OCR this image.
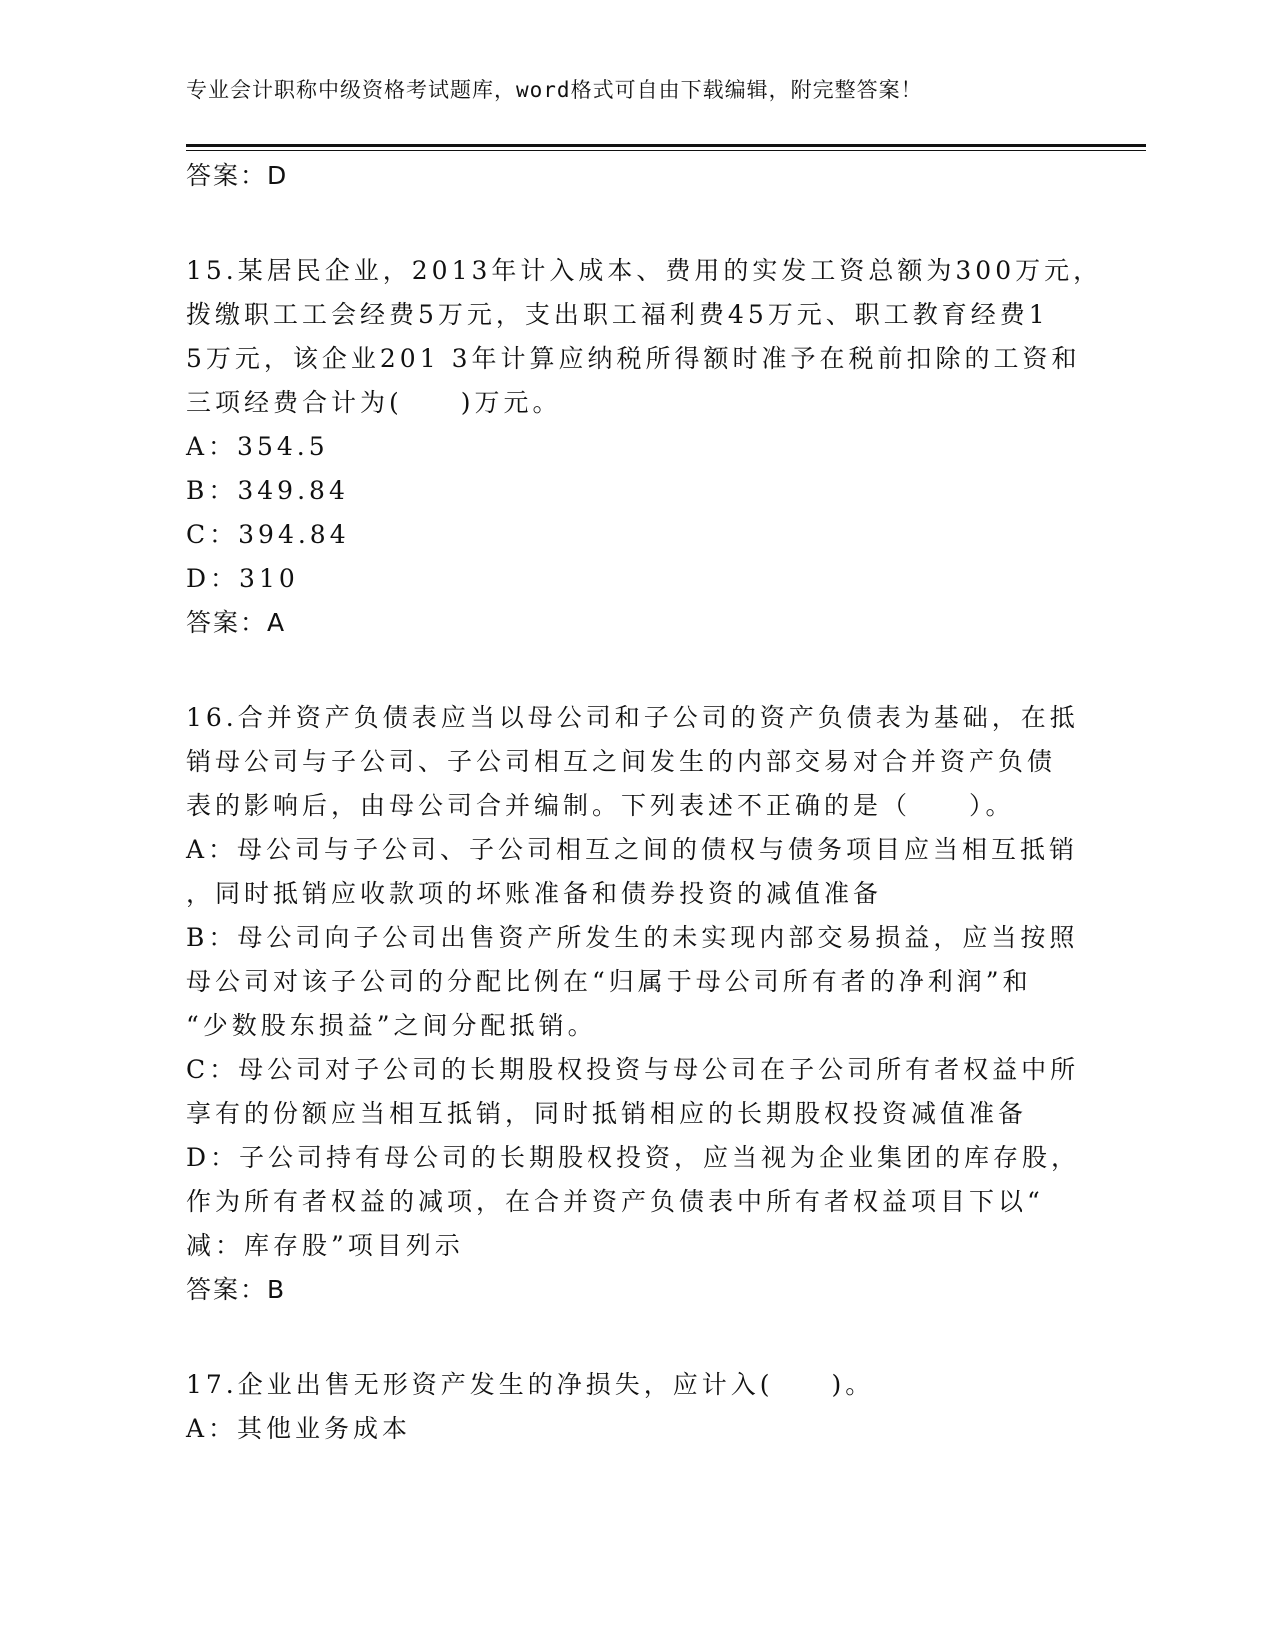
专业会计职称中级资格考试题库，word格式可自由下载编辑，附完整答案！
答案：D
15.某居民企业，2013年计入成本、费用的实发工资总额为300万元，
拨缴职工工会经费5万元，支出职工福利费45万元、职工教育经费1
5万元，该企业201 3年计算应纳税所得额时准予在税前扣除的工资和
三项经费合计为(　　)万元。
A：354.5
B：349.84
C：394.84
D：310
答案：A
16.合并资产负债表应当以母公司和子公司的资产负债表为基础，在抵
销母公司与子公司、子公司相互之间发生的内部交易对合并资产负债
表的影响后，由母公司合并编制。下列表述不正确的是（　　）。
A：母公司与子公司、子公司相互之间的债权与债务项目应当相互抵销
，同时抵销应收款项的坏账准备和债券投资的减值准备
B：母公司向子公司出售资产所发生的未实现内部交易损益，应当按照
母公司对该子公司的分配比例在“归属于母公司所有者的净利润”和
“少数股东损益”之间分配抵销。
C：母公司对子公司的长期股权投资与母公司在子公司所有者权益中所
享有的份额应当相互抵销，同时抵销相应的长期股权投资减值准备
D：子公司持有母公司的长期股权投资，应当视为企业集团的库存股，
作为所有者权益的减项，在合并资产负债表中所有者权益项目下以“
减：库存股”项目列示
答案：B
17.企业出售无形资产发生的净损失，应计入(　　)。
A：其他业务成本
